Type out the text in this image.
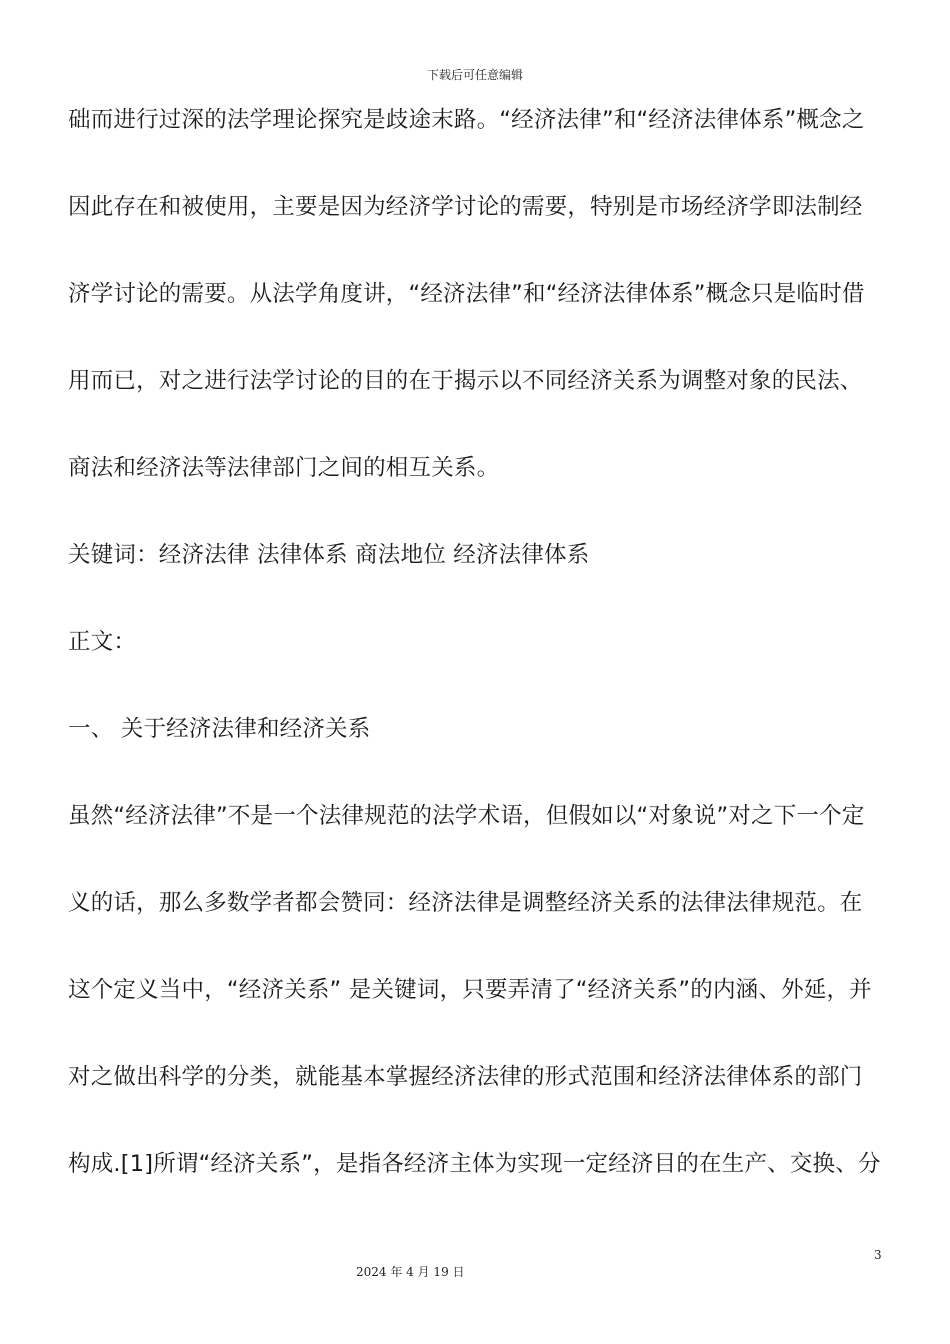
下载后可任意编辑
础而进行过深的法学理论探究是歧途末路。“经济法律”和“经济法律体系”概念之
因此存在和被使用，主要是因为经济学讨论的需要，特别是市场经济学即法制经
济学讨论的需要。从法学角度讲，“经济法律”和“经济法律体系”概念只是临时借
用而已，对之进行法学讨论的目的在于揭示以不同经济关系为调整对象的民法、
商法和经济法等法律部门之间的相互关系。
关键词：经济法律 法律体系 商法地位 经济法律体系
正文：
一、 关于经济法律和经济关系
虽然“经济法律”不是一个法律规范的法学术语，但假如以“对象说”对之下一个定
义的话，那么多数学者都会赞同：经济法律是调整经济关系的法律法律规范。在
这个定义当中，“经济关系” 是关键词，只要弄清了“经济关系”的内涵、外延，并
对之做出科学的分类，就能基本掌握经济法律的形式范围和经济法律体系的部门
构成.[1]所谓“经济关系”，是指各经济主体为实现一定经济目的在生产、交换、分
3
2024 年 4 月 19 日
